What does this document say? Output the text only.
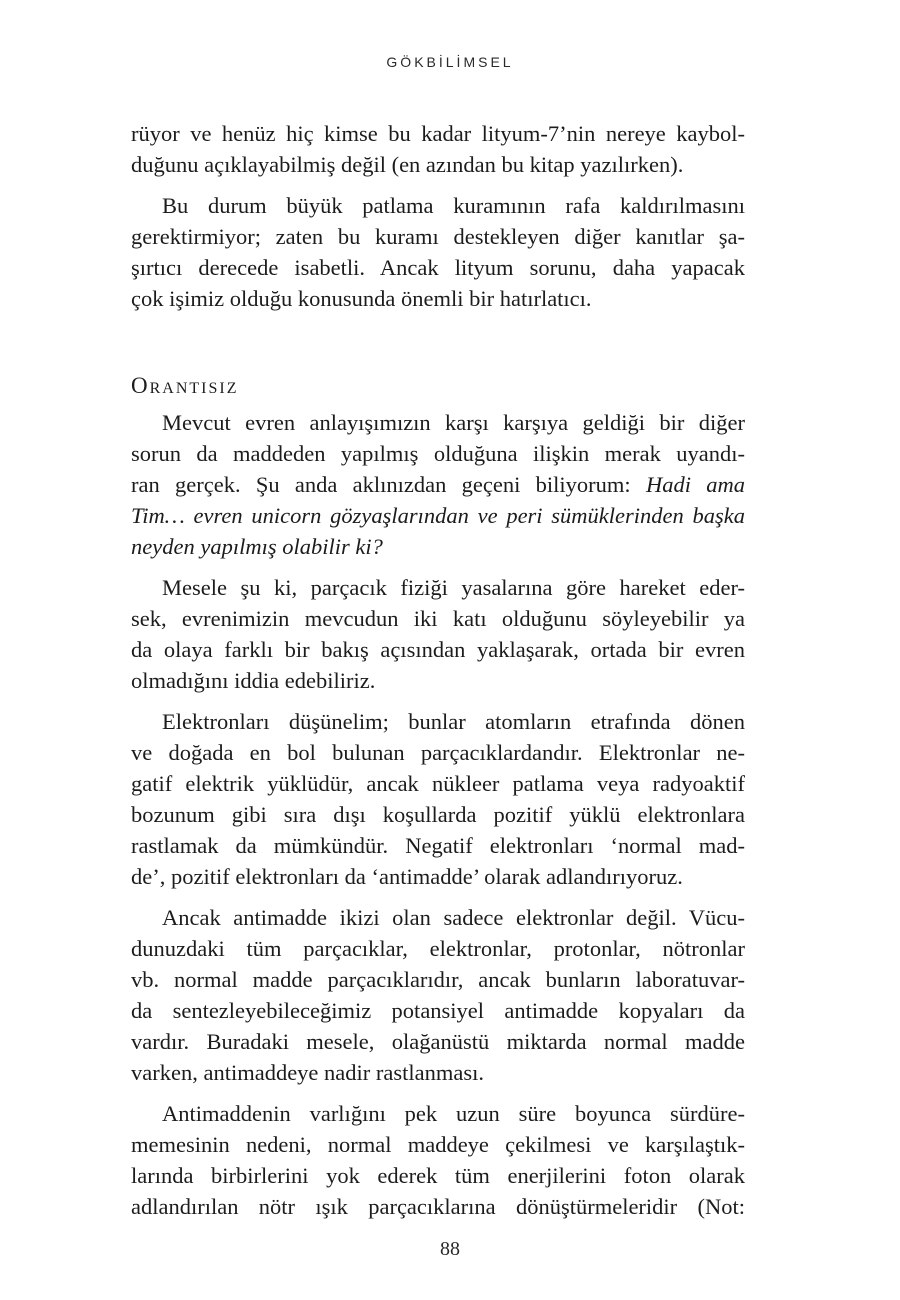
GÖKBİLİMSEL
rüyor ve henüz hiç kimse bu kadar lityum-7’nin nereye kaybol-
duğunu açıklayabilmiş değil (en azından bu kitap yazılırken).
Bu durum büyük patlama kuramının rafa kaldırılmasını
gerektirmiyor; zaten bu kuramı destekleyen diğer kanıtlar şa-
şırtıcı derecede isabetli. Ancak lityum sorunu, daha yapacak
çok işimiz olduğu konusunda önemli bir hatırlatıcı.
Orantısız
Mevcut evren anlayışımızın karşı karşıya geldiği bir diğer
sorun da maddeden yapılmış olduğuna ilişkin merak uyandı-
ran gerçek. Şu anda aklınızdan geçeni biliyorum: Hadi ama
Tim… evren unicorn gözyaşlarından ve peri sümüklerinden başka
neyden yapılmış olabilir ki?
Mesele şu ki, parçacık fiziği yasalarına göre hareket eder-
sek, evrenimizin mevcudun iki katı olduğunu söyleyebilir ya
da olaya farklı bir bakış açısından yaklaşarak, ortada bir evren
olmadığını iddia edebiliriz.
Elektronları düşünelim; bunlar atomların etrafında dönen
ve doğada en bol bulunan parçacıklardandır. Elektronlar ne-
gatif elektrik yüklüdür, ancak nükleer patlama veya radyoaktif
bozunum gibi sıra dışı koşullarda pozitif yüklü elektronlara
rastlamak da mümkündür. Negatif elektronları ‘normal mad-
de’, pozitif elektronları da ‘antimadde’ olarak adlandırıyoruz.
Ancak antimadde ikizi olan sadece elektronlar değil. Vücu-
dunuzdaki tüm parçacıklar, elektronlar, protonlar, nötronlar
vb. normal madde parçacıklarıdır, ancak bunların laboratuvar-
da sentezleyebileceğimiz potansiyel antimadde kopyaları da
vardır. Buradaki mesele, olağanüstü miktarda normal madde
varken, antimaddeye nadir rastlanması.
Antimaddenin varlığını pek uzun süre boyunca sürdüre-
memesinin nedeni, normal maddeye çekilmesi ve karşılaştık-
larında birbirlerini yok ederek tüm enerjilerini foton olarak
adlandırılan nötr ışık parçacıklarına dönüştürmeleridir (Not:
88
